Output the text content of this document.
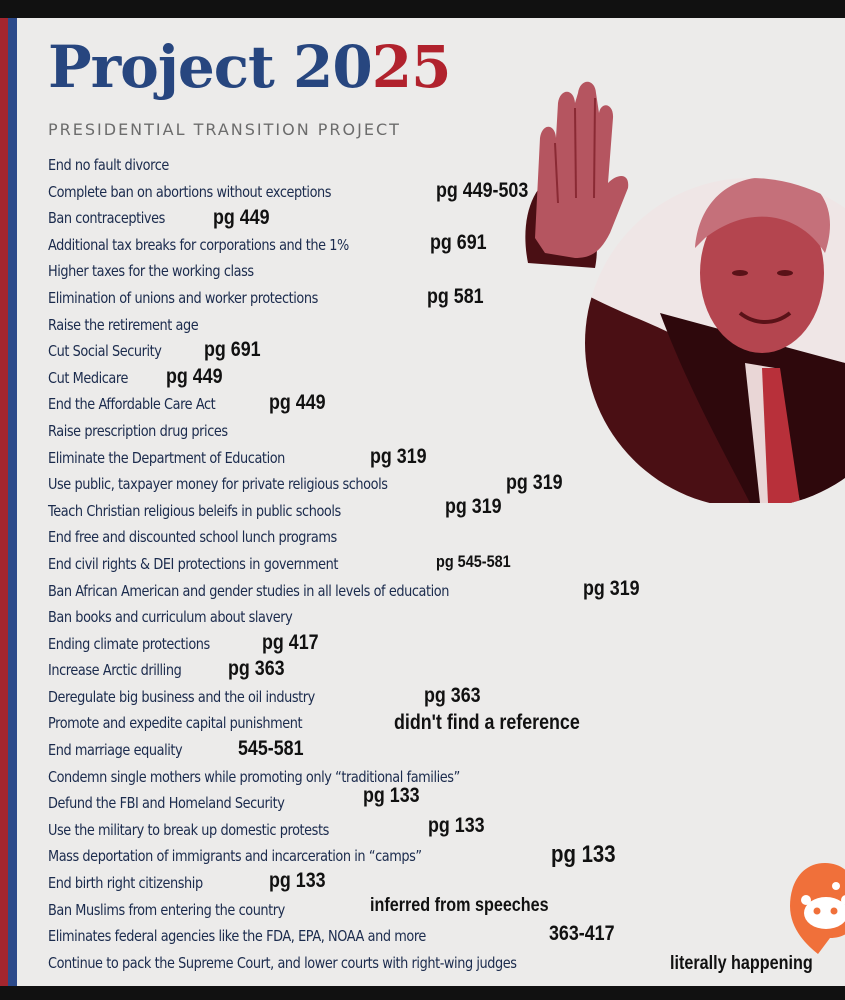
Project 2025
PRESIDENTIAL TRANSITION PROJECT
End no fault divorce
Complete ban on abortions without exceptions
Ban contraceptives
Additional tax breaks for corporations and the 1%
Higher taxes for the working class
Elimination of unions and worker protections
Raise the retirement age
Cut Social Security
Cut Medicare
End the Affordable Care Act
Raise prescription drug prices
Eliminate the Department of Education
Use public, taxpayer money for private religious schools
Teach Christian religious beleifs in public schools
End free and discounted school lunch programs
End civil rights & DEI protections in government
Ban African American and gender studies in all levels of education
Ban books and curriculum about slavery
Ending climate protections
Increase Arctic drilling
Deregulate big business and the oil industry
Promote and expedite capital punishment
End marriage equality
Condemn single mothers while promoting only “traditional families”
Defund the FBI and Homeland Security
Use the military to break up domestic protests
Mass deportation of immigrants and incarceration in “camps”
End birth right citizenship
Ban Muslims from entering the country
Eliminates federal agencies like the FDA, EPA, NOAA and more
Continue to pack the Supreme Court, and lower courts with right-wing judges
pg 449-503
pg 449
pg 691
pg 581
pg 691
pg 449
pg 449
pg 319
pg 319
pg 319
pg 545-581
pg 319
pg 417
pg 363
pg 363
didn't find a reference
545-581
pg 133
pg 133
pg 133
pg 133
inferred from speeches
363-417
literally happening
